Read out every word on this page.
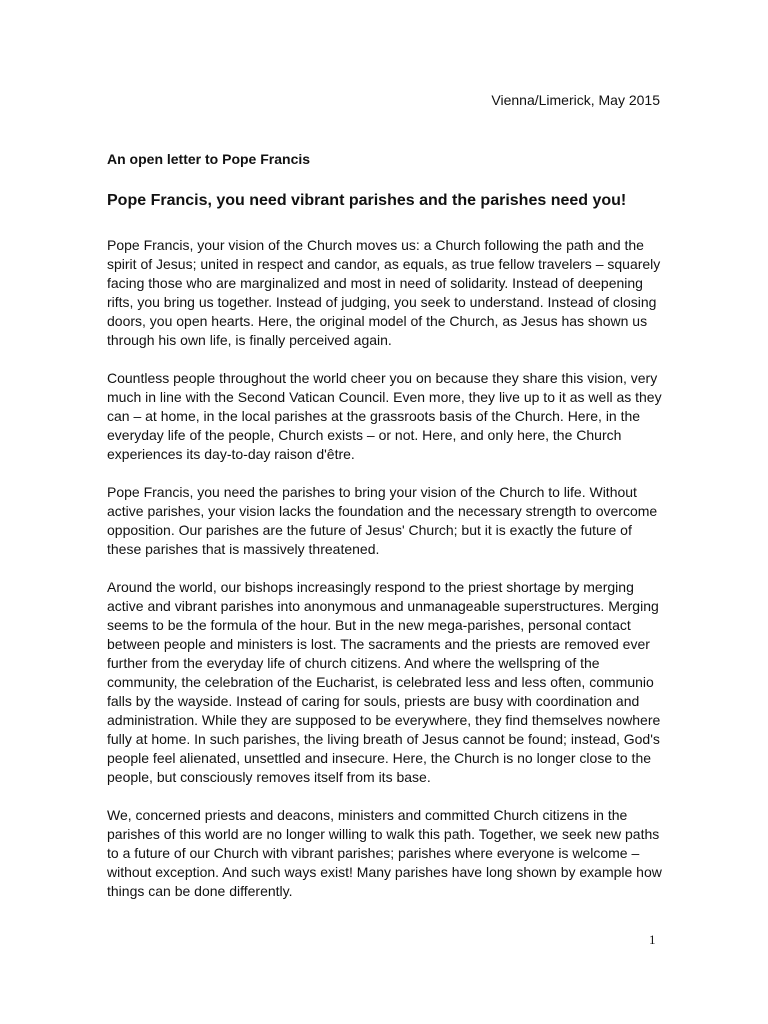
Vienna/Limerick, May 2015
An open letter to Pope Francis
Pope Francis, you need vibrant parishes and the parishes need you!
Pope Francis, your vision of the Church moves us: a Church following the path and the
spirit of Jesus; united in respect and candor, as equals, as true fellow travelers – squarely
facing those who are marginalized and most in need of solidarity. Instead of deepening
rifts, you bring us together. Instead of judging, you seek to understand. Instead of closing
doors, you open hearts. Here, the original model of the Church, as Jesus has shown us
through his own life, is finally perceived again.
Countless people throughout the world cheer you on because they share this vision, very
much in line with the Second Vatican Council. Even more, they live up to it as well as they
can – at home, in the local parishes at the grassroots basis of the Church. Here, in the
everyday life of the people, Church exists – or not. Here, and only here, the Church
experiences its day-to-day raison d'être.
Pope Francis, you need the parishes to bring your vision of the Church to life. Without
active parishes, your vision lacks the foundation and the necessary strength to overcome
opposition. Our parishes are the future of Jesus' Church; but it is exactly the future of
these parishes that is massively threatened.
Around the world, our bishops increasingly respond to the priest shortage by merging
active and vibrant parishes into anonymous and unmanageable superstructures. Merging
seems to be the formula of the hour. But in the new mega-parishes, personal contact
between people and ministers is lost. The sacraments and the priests are removed ever
further from the everyday life of church citizens. And where the wellspring of the
community, the celebration of the Eucharist, is celebrated less and less often, communio
falls by the wayside. Instead of caring for souls, priests are busy with coordination and
administration. While they are supposed to be everywhere, they find themselves nowhere
fully at home. In such parishes, the living breath of Jesus cannot be found; instead, God's
people feel alienated, unsettled and insecure. Here, the Church is no longer close to the
people, but consciously removes itself from its base.
We, concerned priests and deacons, ministers and committed Church citizens in the
parishes of this world are no longer willing to walk this path. Together, we seek new paths
to a future of our Church with vibrant parishes; parishes where everyone is welcome –
without exception. And such ways exist! Many parishes have long shown by example how
things can be done differently.
1
